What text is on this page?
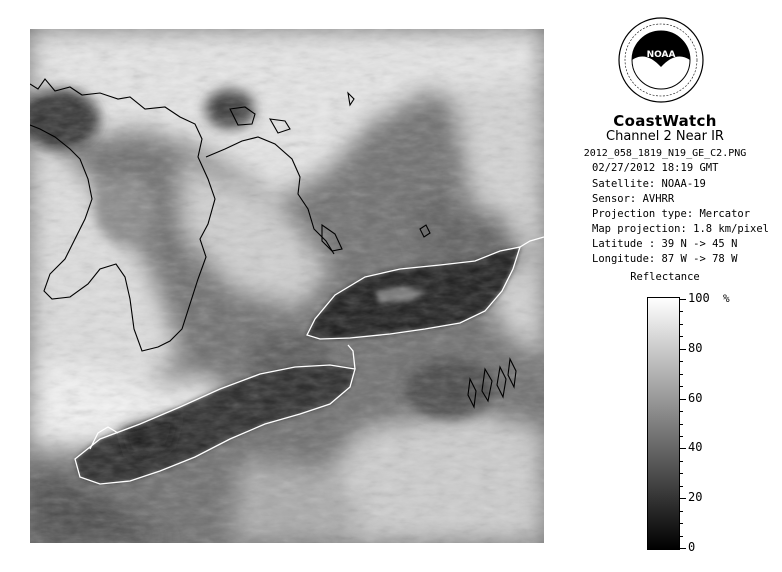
NOAA
CoastWatch
Channel 2 Near IR
2012_058_1819_N19_GE_C2.PNG
02/27/2012 18:19 GMT
Satellite: NOAA-19
Sensor: AVHRR
Projection type: Mercator
Map projection: 1.8 km/pixel
Latitude : 39 N -> 45 N
Longitude: 87 W -> 78 W
Reflectance
%
100
80
60
40
20
0
